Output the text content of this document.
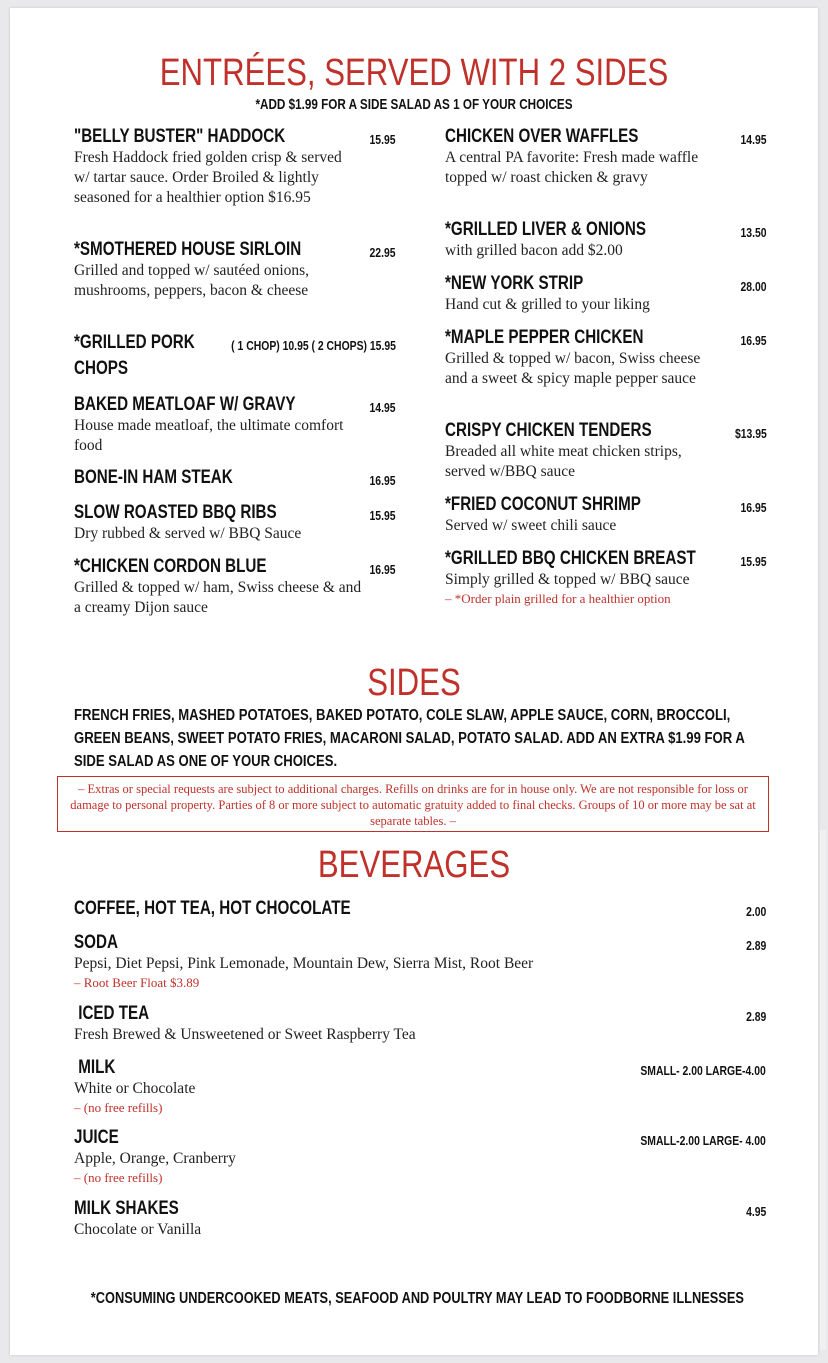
ENTRÉES, SERVED WITH 2 SIDES
*ADD $1.99 FOR A SIDE SALAD AS 1 OF YOUR CHOICES
"BELLY BUSTER" HADDOCK	15.95
Fresh Haddock fried golden crisp & served w/ tartar sauce. Order Broiled & lightly seasoned for a healthier option $16.95
*SMOTHERED HOUSE SIRLOIN	22.95
Grilled and topped w/ sautéed onions, mushrooms, peppers, bacon & cheese
*GRILLED PORK
CHOPS
( 1 CHOP) 10.95 ( 2 CHOPS) 15.95
BAKED MEATLOAF W/ GRAVY	14.95
House made meatloaf, the ultimate comfort food
BONE-IN HAM STEAK	16.95
SLOW ROASTED BBQ RIBS	15.95
Dry rubbed & served w/ BBQ Sauce
*CHICKEN CORDON BLUE	16.95
Grilled & topped w/ ham, Swiss cheese & and a creamy Dijon sauce
CHICKEN OVER WAFFLES	14.95
A central PA favorite: Fresh made waffle topped w/ roast chicken & gravy
*GRILLED LIVER & ONIONS	13.50
with grilled bacon add $2.00
*NEW YORK STRIP	28.00
Hand cut & grilled to your liking
*MAPLE PEPPER CHICKEN	16.95
Grilled & topped w/ bacon, Swiss cheese and a sweet & spicy maple pepper sauce
CRISPY CHICKEN TENDERS	$13.95
Breaded all white meat chicken strips, served w/BBQ sauce
*FRIED COCONUT SHRIMP	16.95
Served w/ sweet chili sauce
*GRILLED BBQ CHICKEN BREAST	15.95
Simply grilled & topped w/ BBQ sauce
– *Order plain grilled for a healthier option
SIDES
FRENCH FRIES, MASHED POTATOES, BAKED POTATO, COLE SLAW, APPLE SAUCE, CORN, BROCCOLI, GREEN BEANS, SWEET POTATO FRIES, MACARONI SALAD, POTATO SALAD. ADD AN EXTRA $1.99 FOR A SIDE SALAD AS ONE OF YOUR CHOICES.
– Extras or special requests are subject to additional charges. Refills on drinks are for in house only. We are not responsible for loss or damage to personal property. Parties of 8 or more subject to automatic gratuity added to final checks. Groups of 10 or more may be sat at separate tables. –
BEVERAGES
COFFEE, HOT TEA, HOT CHOCOLATE	2.00
SODA	2.89
Pepsi, Diet Pepsi, Pink Lemonade, Mountain Dew, Sierra Mist, Root Beer
– Root Beer Float $3.89
ICED TEA	2.89
Fresh Brewed & Unsweetened or Sweet Raspberry Tea
MILK	SMALL- 2.00 LARGE-4.00
White or Chocolate
– (no free refills)
JUICE	SMALL-2.00 LARGE- 4.00
Apple, Orange, Cranberry
– (no free refills)
MILK SHAKES	4.95
Chocolate or Vanilla
*CONSUMING UNDERCOOKED MEATS, SEAFOOD AND POULTRY MAY LEAD TO FOODBORNE ILLNESSES
